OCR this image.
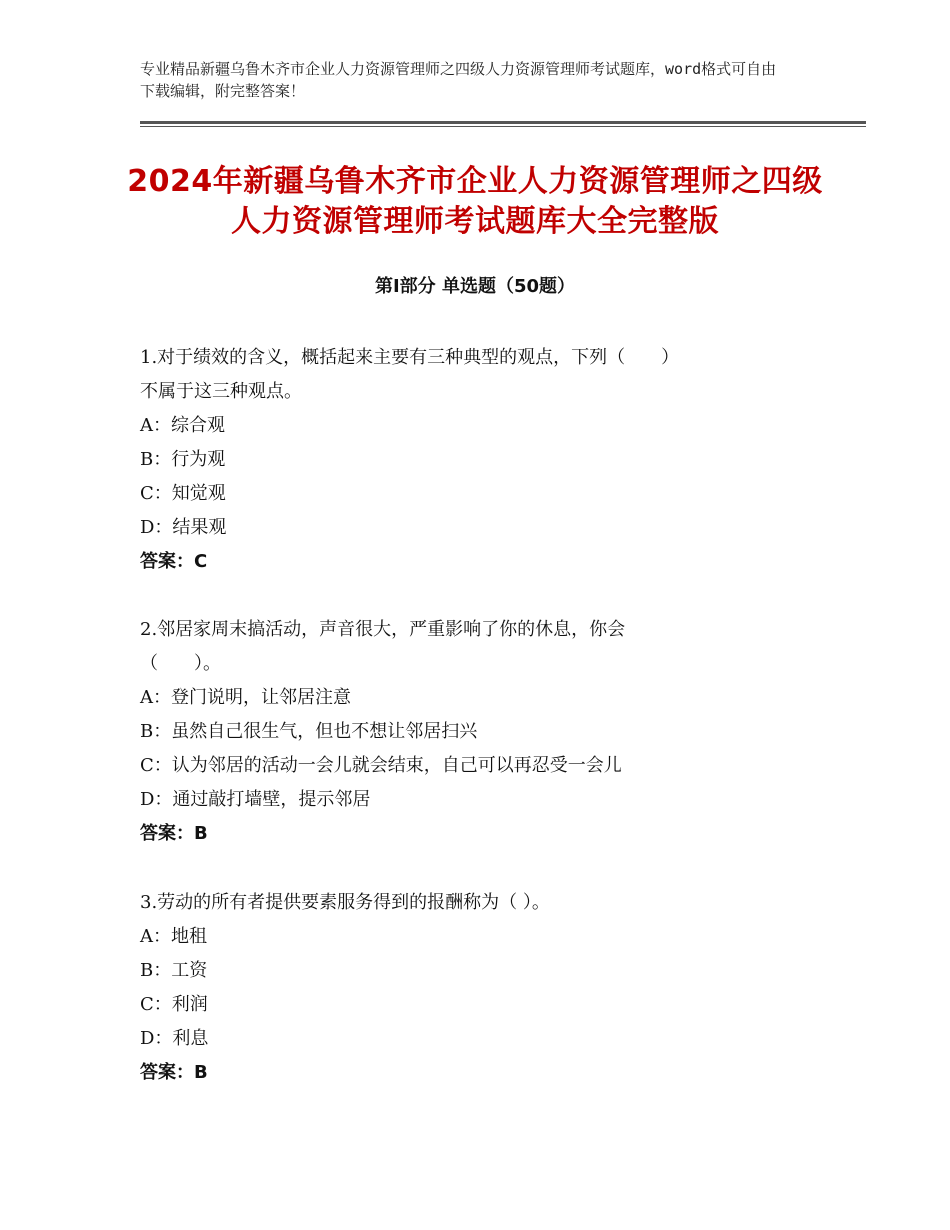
专业精品新疆乌鲁木齐市企业人力资源管理师之四级人力资源管理师考试题库，word格式可自由下载编辑，附完整答案！
2024年新疆乌鲁木齐市企业人力资源管理师之四级人力资源管理师考试题库大全完整版
第Ⅰ部分 单选题（50题）

1.对于绩效的含义，概括起来主要有三种典型的观点，下列（　　）

不属于这三种观点。

A：综合观

B：行为观

C：知觉观

D：结果观

答案：C

2.邻居家周末搞活动，声音很大，严重影响了你的休息，你会

（　　）。

A：登门说明，让邻居注意

B：虽然自己很生气，但也不想让邻居扫兴

C：认为邻居的活动一会儿就会结束，自己可以再忍受一会儿

D：通过敲打墙壁，提示邻居

答案：B

3.劳动的所有者提供要素服务得到的报酬称为（ ）。

A：地租

B：工资

C：利润

D：利息

答案：B
